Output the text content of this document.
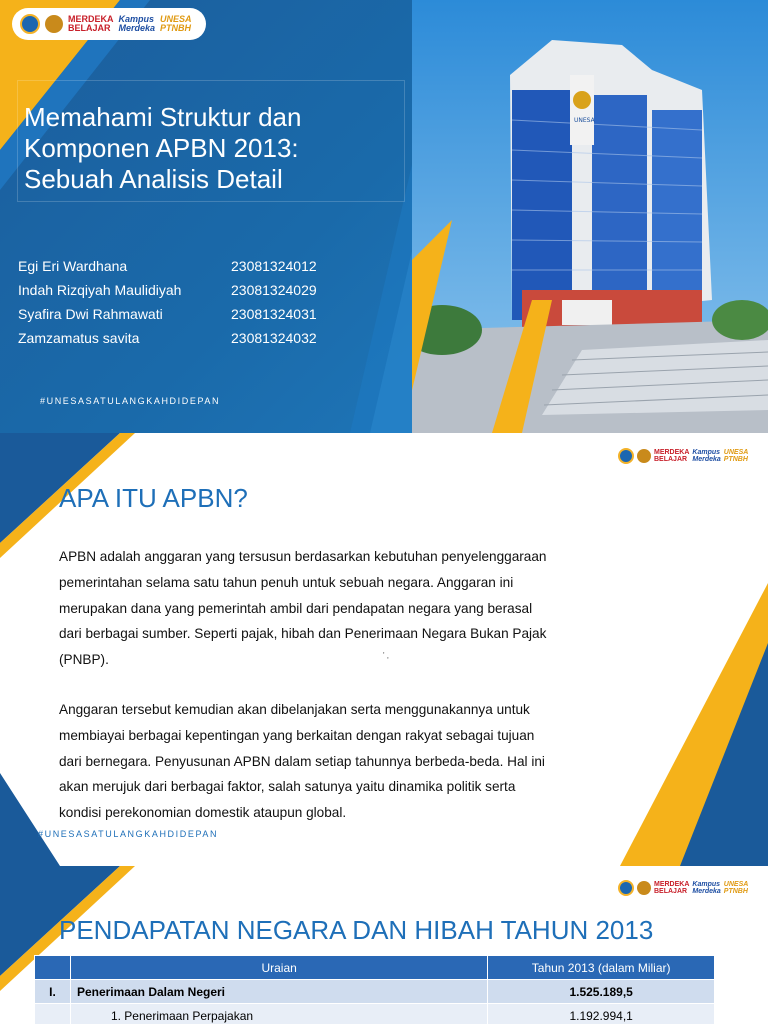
UNESA
MERDEKA
BELAJAR
Kampus
Merdeka
UNESA
PTNBH
Memahami Struktur dan
Komponen APBN 2013:
Sebuah Analisis Detail
Egi Eri Wardhana	23081324012
Indah Rizqiyah Maulidiyah	23081324029
Syafira Dwi Rahmawati	23081324031
Zamzamatus savita	23081324032
#UNESASATULANGKAHDIDEPAN
MERDEKA
BELAJAR
Kampus
Merdeka
UNESA
PTNBH
APA ITU APBN?
APBN adalah anggaran yang tersusun berdasarkan kebutuhan penyelenggaraan
pemerintahan selama satu tahun penuh untuk sebuah negara. Anggaran ini
merupakan dana yang pemerintah ambil dari pendapatan negara yang berasal
dari berbagai sumber. Seperti pajak, hibah dan Penerimaan Negara Bukan Pajak
(PNBP).	' ,
Anggaran tersebut kemudian akan dibelanjakan serta menggunakannya untuk
membiayai berbagai kepentingan yang berkaitan dengan rakyat sebagai tujuan
dari bernegara. Penyusunan APBN dalam setiap tahunnya berbeda-beda. Hal ini
akan merujuk dari berbagai faktor, salah satunya yaitu dinamika politik serta
kondisi perekonomian domestik ataupun global.
#UNESASATULANGKAHDIDEPAN
MERDEKA
BELAJAR
Kampus
Merdeka
UNESA
PTNBH
PENDAPATAN NEGARA DAN HIBAH TAHUN 2013
	Uraian	Tahun 2013 (dalam Miliar)
I.	Penerimaan Dalam Negeri	1.525.189,5
	1. Penerimaan Perpajakan	1.192.994,1
